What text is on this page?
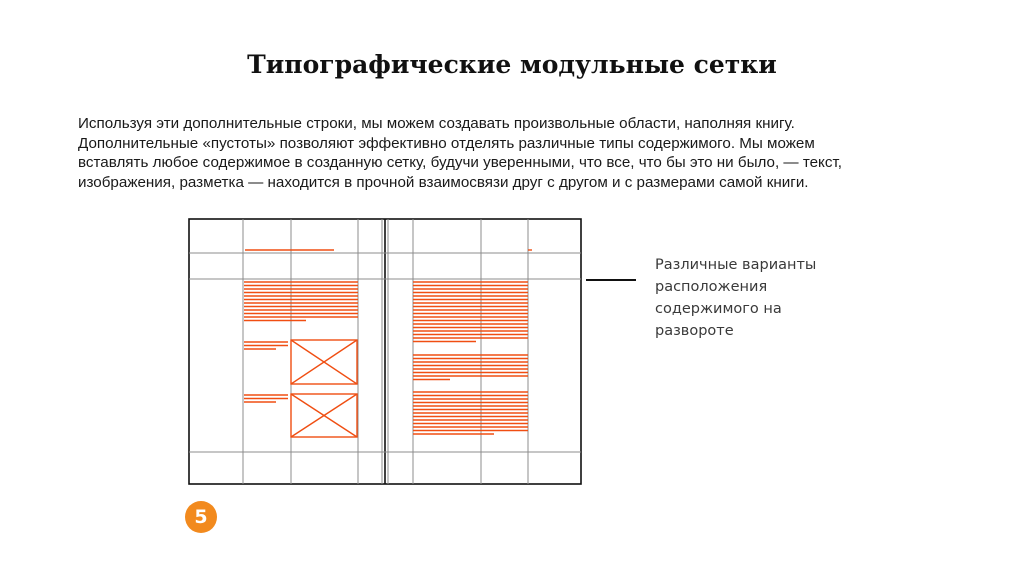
Типографические модульные сетки
Используя эти дополнительные строки, мы можем создавать произвольные области, наполняя книгу.
Дополнительные «пустоты» позволяют эффективно отделять различные типы содержимого. Мы можем
вставлять любое содержимое в созданную сетку, будучи уверенными, что все, что бы это ни было, — текст,
изображения, разметка — находится в прочной взаимосвязи друг с другом и с размерами самой книги.
Различные варианты
расположения
содержимого на
развороте
5
